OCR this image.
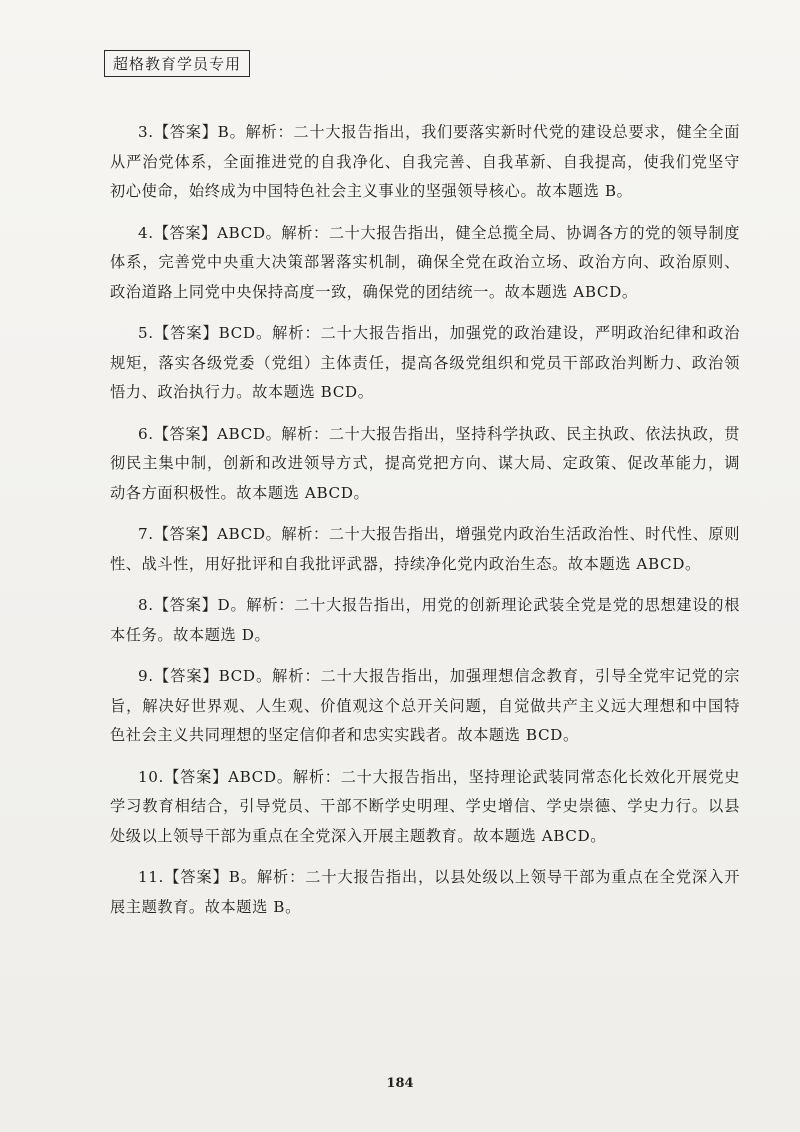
超格教育学员专用

3.【答案】B。解析：二十大报告指出，我们要落实新时代党的建设总要求，健全全面从严治党体系，全面推进党的自我净化、自我完善、自我革新、自我提高，使我们党坚守初心使命，始终成为中国特色社会主义事业的坚强领导核心。故本题选 B。

4.【答案】ABCD。解析：二十大报告指出，健全总揽全局、协调各方的党的领导制度体系，完善党中央重大决策部署落实机制，确保全党在政治立场、政治方向、政治原则、政治道路上同党中央保持高度一致，确保党的团结统一。故本题选 ABCD。

5.【答案】BCD。解析：二十大报告指出，加强党的政治建设，严明政治纪律和政治规矩，落实各级党委（党组）主体责任，提高各级党组织和党员干部政治判断力、政治领悟力、政治执行力。故本题选 BCD。

6.【答案】ABCD。解析：二十大报告指出，坚持科学执政、民主执政、依法执政，贯彻民主集中制，创新和改进领导方式，提高党把方向、谋大局、定政策、促改革能力，调动各方面积极性。故本题选 ABCD。

7.【答案】ABCD。解析：二十大报告指出，增强党内政治生活政治性、时代性、原则性、战斗性，用好批评和自我批评武器，持续净化党内政治生态。故本题选 ABCD。

8.【答案】D。解析：二十大报告指出，用党的创新理论武装全党是党的思想建设的根本任务。故本题选 D。

9.【答案】BCD。解析：二十大报告指出，加强理想信念教育，引导全党牢记党的宗旨，解决好世界观、人生观、价值观这个总开关问题，自觉做共产主义远大理想和中国特色社会主义共同理想的坚定信仰者和忠实实践者。故本题选 BCD。

10.【答案】ABCD。解析：二十大报告指出，坚持理论武装同常态化长效化开展党史学习教育相结合，引导党员、干部不断学史明理、学史增信、学史崇德、学史力行。以县处级以上领导干部为重点在全党深入开展主题教育。故本题选 ABCD。

11.【答案】B。解析：二十大报告指出，以县处级以上领导干部为重点在全党深入开展主题教育。故本题选 B。

184
